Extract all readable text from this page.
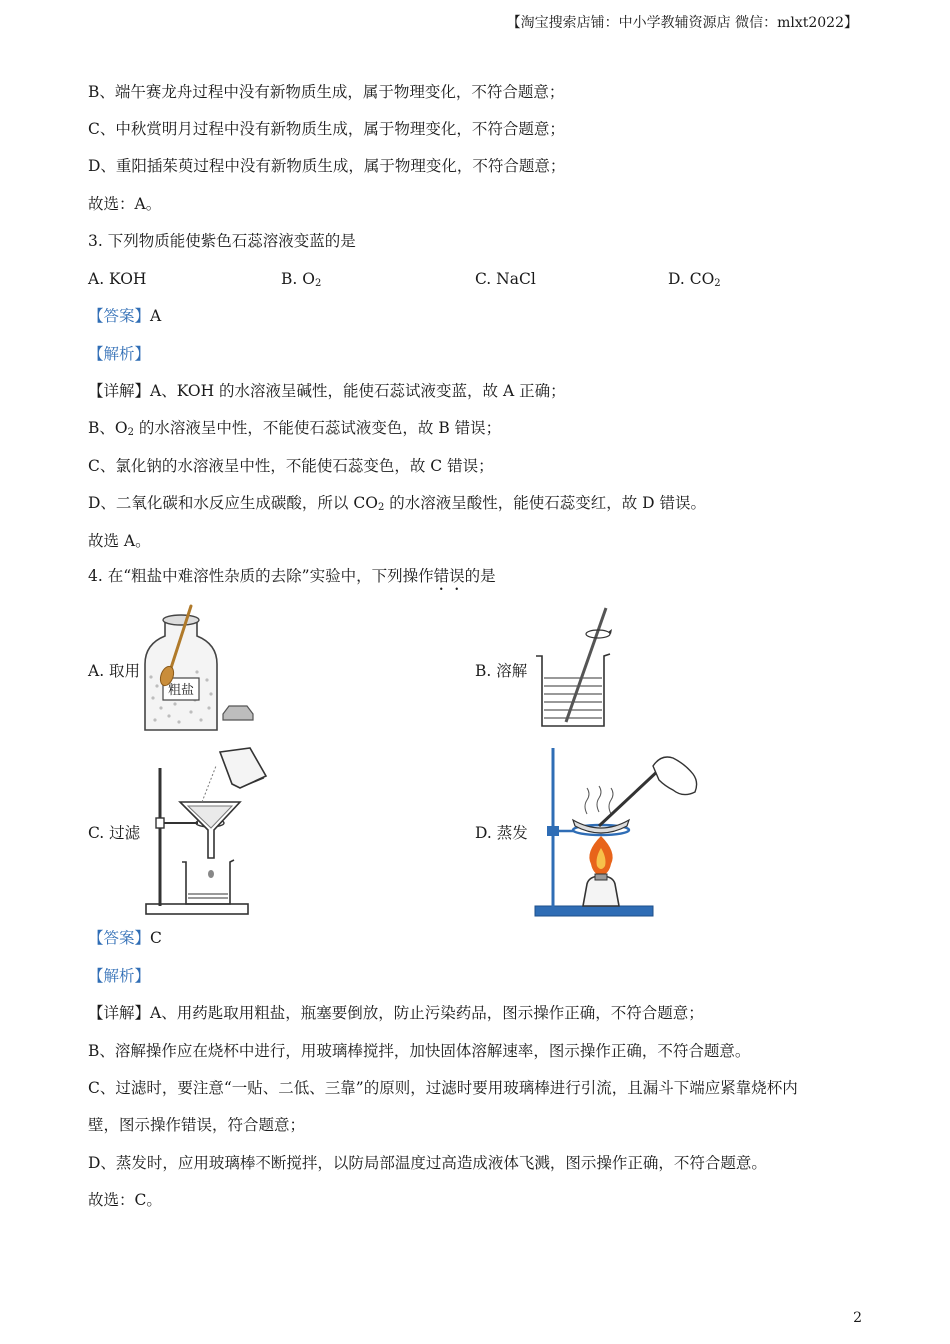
【淘宝搜索店铺：中小学教辅资源店 微信：mlxt2022】
B、端午赛龙舟过程中没有新物质生成，属于物理变化，不符合题意；
C、中秋赏明月过程中没有新物质生成，属于物理变化，不符合题意；
D、重阳插茱萸过程中没有新物质生成，属于物理变化，不符合题意；
故选：A。
3. 下列物质能使紫色石蕊溶液变蓝的是
A. KOH	B. $O_2$	C. NaCl	D. $CO_2$
【答案】A
【解析】
【详解】A、KOH 的水溶液呈碱性，能使石蕊试液变蓝，故 A 正确；
B、$O_2$ 的水溶液呈中性，不能使石蕊试液变色，故 B 错误；
C、氯化钠的水溶液呈中性，不能使石蕊变色，故 C 错误；
D、二氧化碳和水反应生成碳酸，所以 $CO_2$ 的水溶液呈酸性，能使石蕊变红，故 D 错误。
故选 A。
4. 在“粗盐中难溶性杂质的去除”实验中，下列操作错误的是
A. 取用	B. 溶解
C. 过滤	D. 蒸发
粗盐
【答案】C
【解析】
【详解】A、用药匙取用粗盐，瓶塞要倒放，防止污染药品，图示操作正确，不符合题意；
B、溶解操作应在烧杯中进行，用玻璃棒搅拌，加快固体溶解速率，图示操作正确，不符合题意。
C、过滤时，要注意“一贴、二低、三靠”的原则，过滤时要用玻璃棒进行引流，且漏斗下端应紧靠烧杯内
壁，图示操作错误，符合题意；
D、蒸发时，应用玻璃棒不断搅拌，以防局部温度过高造成液体飞溅，图示操作正确，不符合题意。
故选：C。
2
